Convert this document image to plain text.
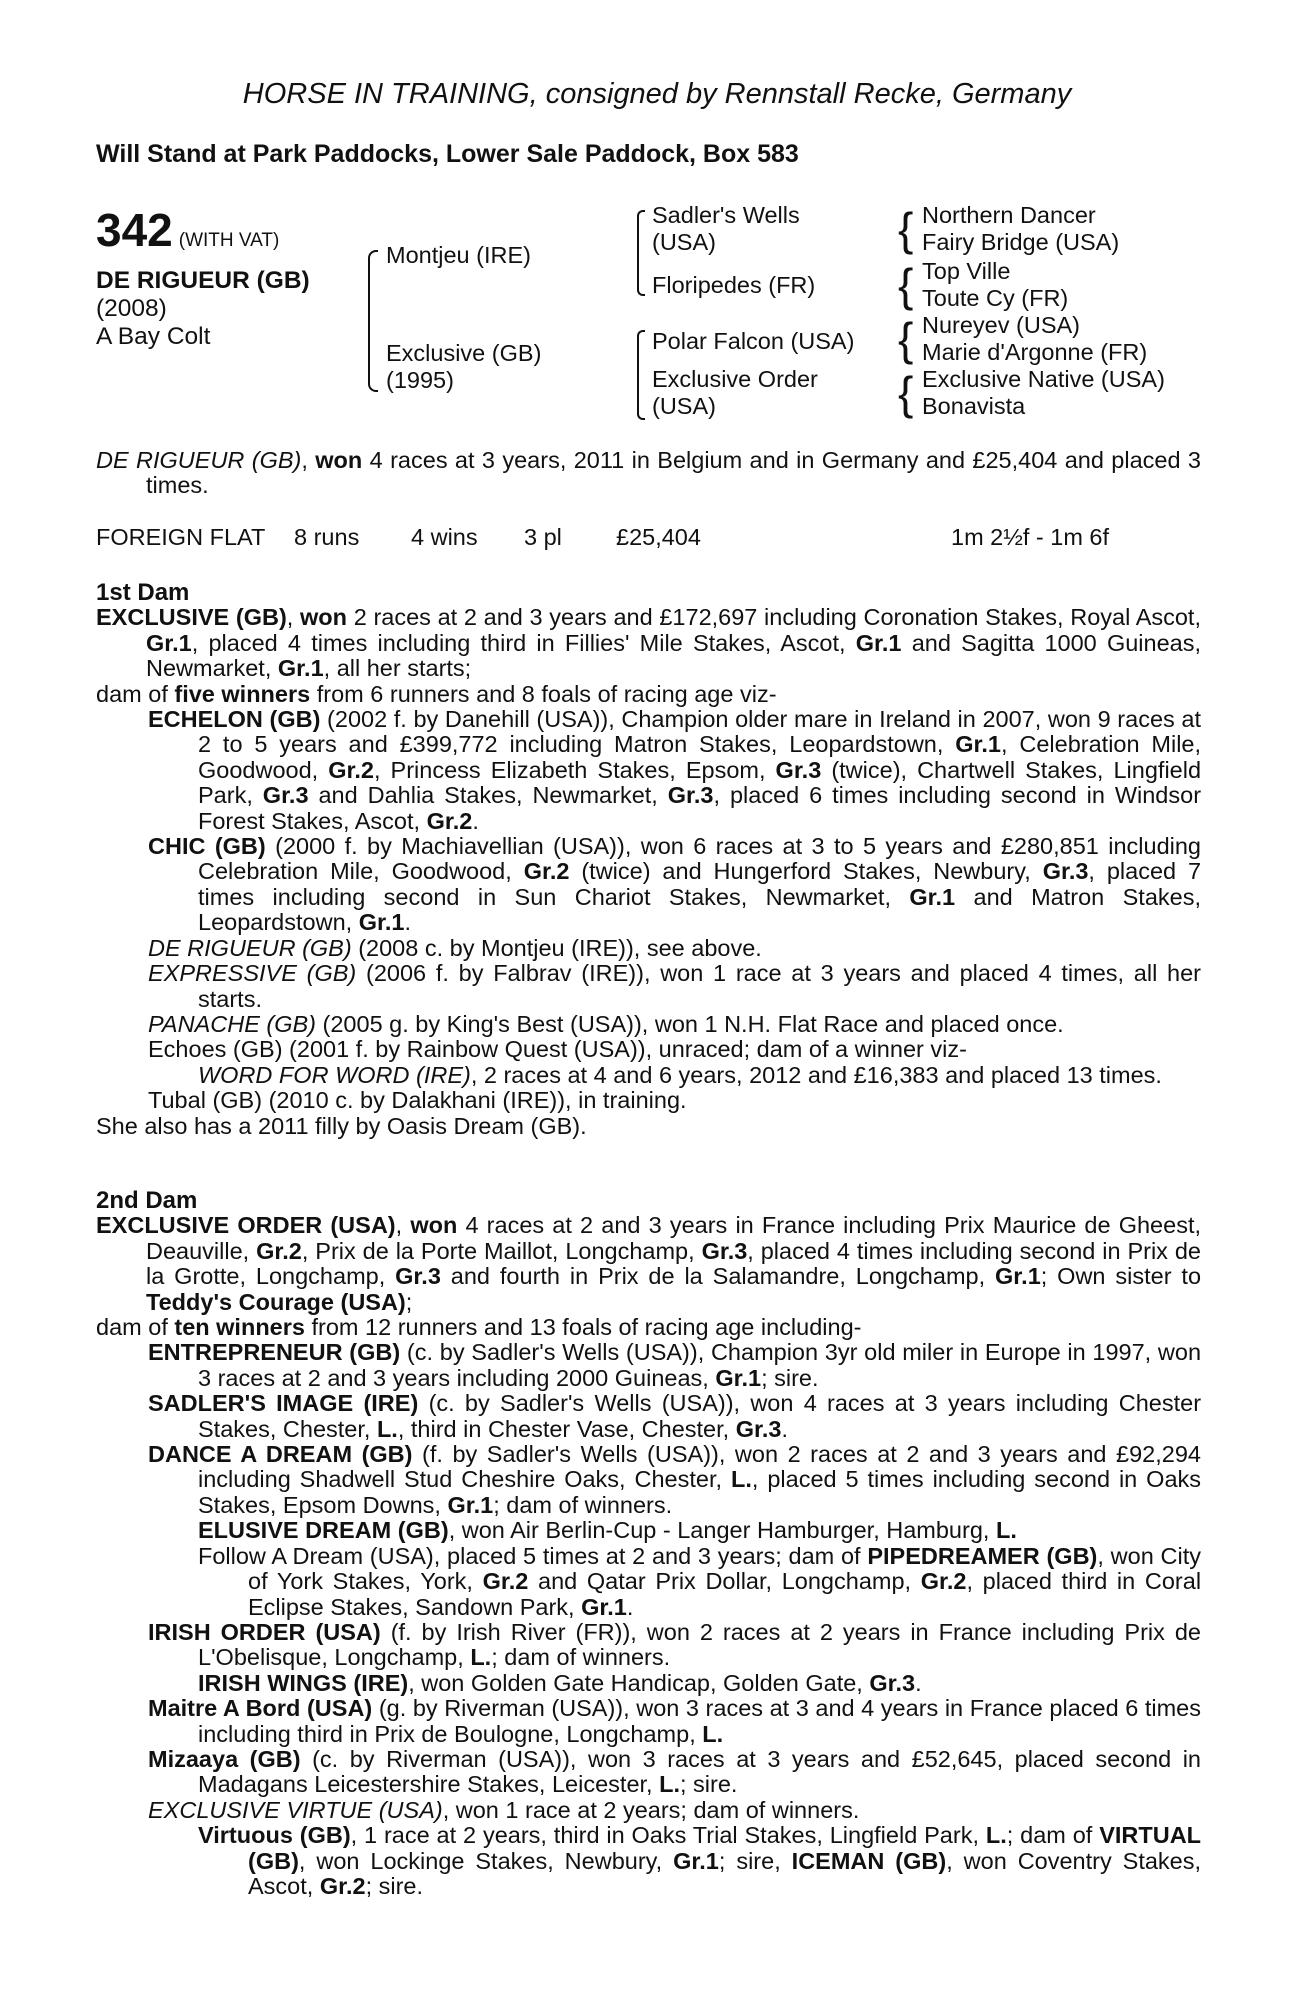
HORSE IN TRAINING, consigned by Rennstall Recke, Germany
Will Stand at Park Paddocks, Lower Sale Paddock, Box 583
342 (WITH VAT)
DE RIGUEUR (GB)
(2008)
A Bay Colt
Montjeu (IRE)
Exclusive (GB)
(1995)
Sadler's Wells
(USA)
Floripedes (FR)
Polar Falcon (USA)
Exclusive Order
(USA)
{ Northern Dancer
Fairy Bridge (USA)
{ Top Ville
Toute Cy (FR)
{ Nureyev (USA)
Marie d'Argonne (FR)
{ Exclusive Native (USA)
Bonavista
DE RIGUEUR (GB), won 4 races at 3 years, 2011 in Belgium and in Germany and £25,404 and placed 3 times.
FOREIGN FLAT 8 runs 4 wins 3 pl £25,404	1m 2½f - 1m 6f
1st Dam
EXCLUSIVE (GB), won 2 races at 2 and 3 years and £172,697 including Coronation Stakes, Royal Ascot, Gr.1, placed 4 times including third in Fillies' Mile Stakes, Ascot, Gr.1 and Sagitta 1000 Guineas, Newmarket, Gr.1, all her starts;
dam of five winners from 6 runners and 8 foals of racing age viz-
ECHELON (GB) (2002 f. by Danehill (USA)), Champion older mare in Ireland in 2007, won 9 races at 2 to 5 years and £399,772 including Matron Stakes, Leopardstown, Gr.1, Celebration Mile, Goodwood, Gr.2, Princess Elizabeth Stakes, Epsom, Gr.3 (twice), Chartwell Stakes, Lingfield Park, Gr.3 and Dahlia Stakes, Newmarket, Gr.3, placed 6 times including second in Windsor Forest Stakes, Ascot, Gr.2.
CHIC (GB) (2000 f. by Machiavellian (USA)), won 6 races at 3 to 5 years and £280,851 including Celebration Mile, Goodwood, Gr.2 (twice) and Hungerford Stakes, Newbury, Gr.3, placed 7 times including second in Sun Chariot Stakes, Newmarket, Gr.1 and Matron Stakes, Leopardstown, Gr.1.
DE RIGUEUR (GB) (2008 c. by Montjeu (IRE)), see above.
EXPRESSIVE (GB) (2006 f. by Falbrav (IRE)), won 1 race at 3 years and placed 4 times, all her starts.
PANACHE (GB) (2005 g. by King's Best (USA)), won 1 N.H. Flat Race and placed once.
Echoes (GB) (2001 f. by Rainbow Quest (USA)), unraced; dam of a winner viz-
WORD FOR WORD (IRE), 2 races at 4 and 6 years, 2012 and £16,383 and placed 13 times.
Tubal (GB) (2010 c. by Dalakhani (IRE)), in training.
She also has a 2011 filly by Oasis Dream (GB).
2nd Dam
EXCLUSIVE ORDER (USA), won 4 races at 2 and 3 years in France including Prix Maurice de Gheest, Deauville, Gr.2, Prix de la Porte Maillot, Longchamp, Gr.3, placed 4 times including second in Prix de la Grotte, Longchamp, Gr.3 and fourth in Prix de la Salamandre, Longchamp, Gr.1; Own sister to Teddy's Courage (USA);
dam of ten winners from 12 runners and 13 foals of racing age including-
ENTREPRENEUR (GB) (c. by Sadler's Wells (USA)), Champion 3yr old miler in Europe in 1997, won 3 races at 2 and 3 years including 2000 Guineas, Gr.1; sire.
SADLER'S IMAGE (IRE) (c. by Sadler's Wells (USA)), won 4 races at 3 years including Chester Stakes, Chester, L., third in Chester Vase, Chester, Gr.3.
DANCE A DREAM (GB) (f. by Sadler's Wells (USA)), won 2 races at 2 and 3 years and £92,294 including Shadwell Stud Cheshire Oaks, Chester, L., placed 5 times including second in Oaks Stakes, Epsom Downs, Gr.1; dam of winners.
ELUSIVE DREAM (GB), won Air Berlin-Cup - Langer Hamburger, Hamburg, L.
Follow A Dream (USA), placed 5 times at 2 and 3 years; dam of PIPEDREAMER (GB), won City of York Stakes, York, Gr.2 and Qatar Prix Dollar, Longchamp, Gr.2, placed third in Coral Eclipse Stakes, Sandown Park, Gr.1.
IRISH ORDER (USA) (f. by Irish River (FR)), won 2 races at 2 years in France including Prix de L'Obelisque, Longchamp, L.; dam of winners.
IRISH WINGS (IRE), won Golden Gate Handicap, Golden Gate, Gr.3.
Maitre A Bord (USA) (g. by Riverman (USA)), won 3 races at 3 and 4 years in France placed 6 times including third in Prix de Boulogne, Longchamp, L.
Mizaaya (GB) (c. by Riverman (USA)), won 3 races at 3 years and £52,645, placed second in Madagans Leicestershire Stakes, Leicester, L.; sire.
EXCLUSIVE VIRTUE (USA), won 1 race at 2 years; dam of winners.
Virtuous (GB), 1 race at 2 years, third in Oaks Trial Stakes, Lingfield Park, L.; dam of VIRTUAL (GB), won Lockinge Stakes, Newbury, Gr.1; sire, ICEMAN (GB), won Coventry Stakes, Ascot, Gr.2; sire.
